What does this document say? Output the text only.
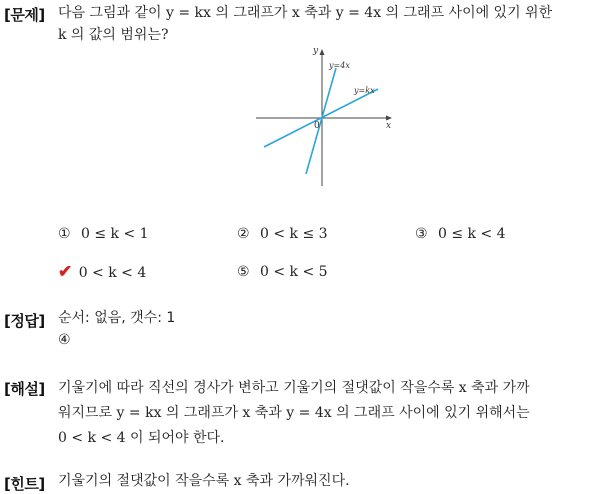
[문제] 다음 그림과 같이 y = kx 의 그래프가 x 축과 y = 4x 의 그래프 사이에 있기 위한
k 의 값의 범위는?
y
x
0
y=4x
y=kx
① 0 ≤ k < 1	② 0 < k ≤ 3	③ 0 ≤ k < 4
✔ 0 < k < 4	⑤ 0 < k < 5
[정답] 순서: 없음, 갯수: 1
④
[해설] 기울기에 따라 직선의 경사가 변하고 기울기의 절댓값이 작을수록 x 축과 가까
워지므로 y = kx 의 그래프가 x 축과 y = 4x 의 그래프 사이에 있기 위해서는
0 < k < 4 이 되어야 한다.
[힌트] 기울기의 절댓값이 작을수록 x 축과 가까워진다.
